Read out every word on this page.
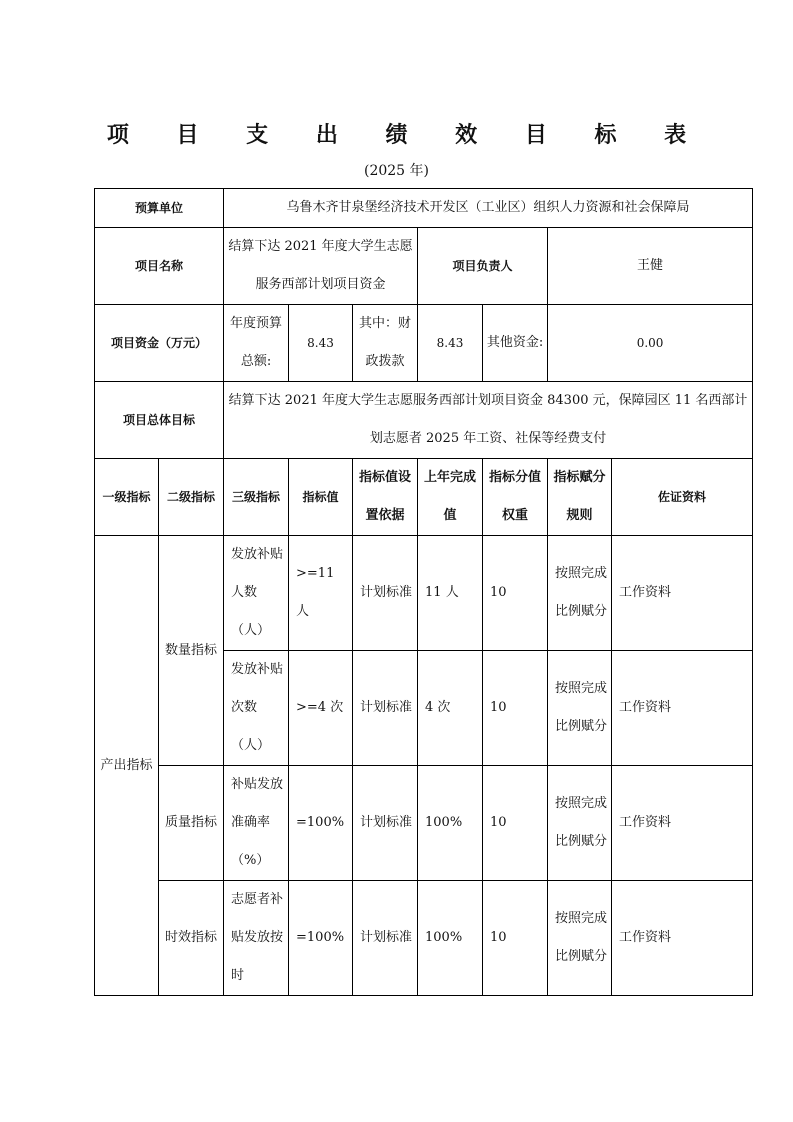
项 目 支 出 绩 效 目 标 表
(2025 年)
预算单位		乌鲁木齐甘泉堡经济技术开发区（工业区）组织人力资源和社会保障局						
项目名称		结算下达 2021 年度大学生志愿服务西部计划项目资金			项目负责人		王健	
项目资金（万元）		年度预算总额:	8.43	其中：财政拨款	8.43	其他资金:	0.00	
项目总体目标		结算下达 2021 年度大学生志愿服务西部计划项目资金 84300 元，保障园区 11 名西部计划志愿者 2025 年工资、社保等经费支付						
一级指标	二级指标	三级指标	指标值	指标值设置依据	上年完成值	指标分值权重	指标赋分规则	佐证资料
产出指标	数量指标	发放补贴人数（人）	>=11 人	计划标准	11 人	10	按照完成比例赋分	工作资料
		发放补贴次数（人）	>=4 次	计划标准	4 次	10	按照完成比例赋分	工作资料
	质量指标	补贴发放准确率（%）	=100%	计划标准	100%	10	按照完成比例赋分	工作资料
	时效指标	志愿者补贴发放按时	=100%	计划标准	100%	10	按照完成比例赋分	工作资料
